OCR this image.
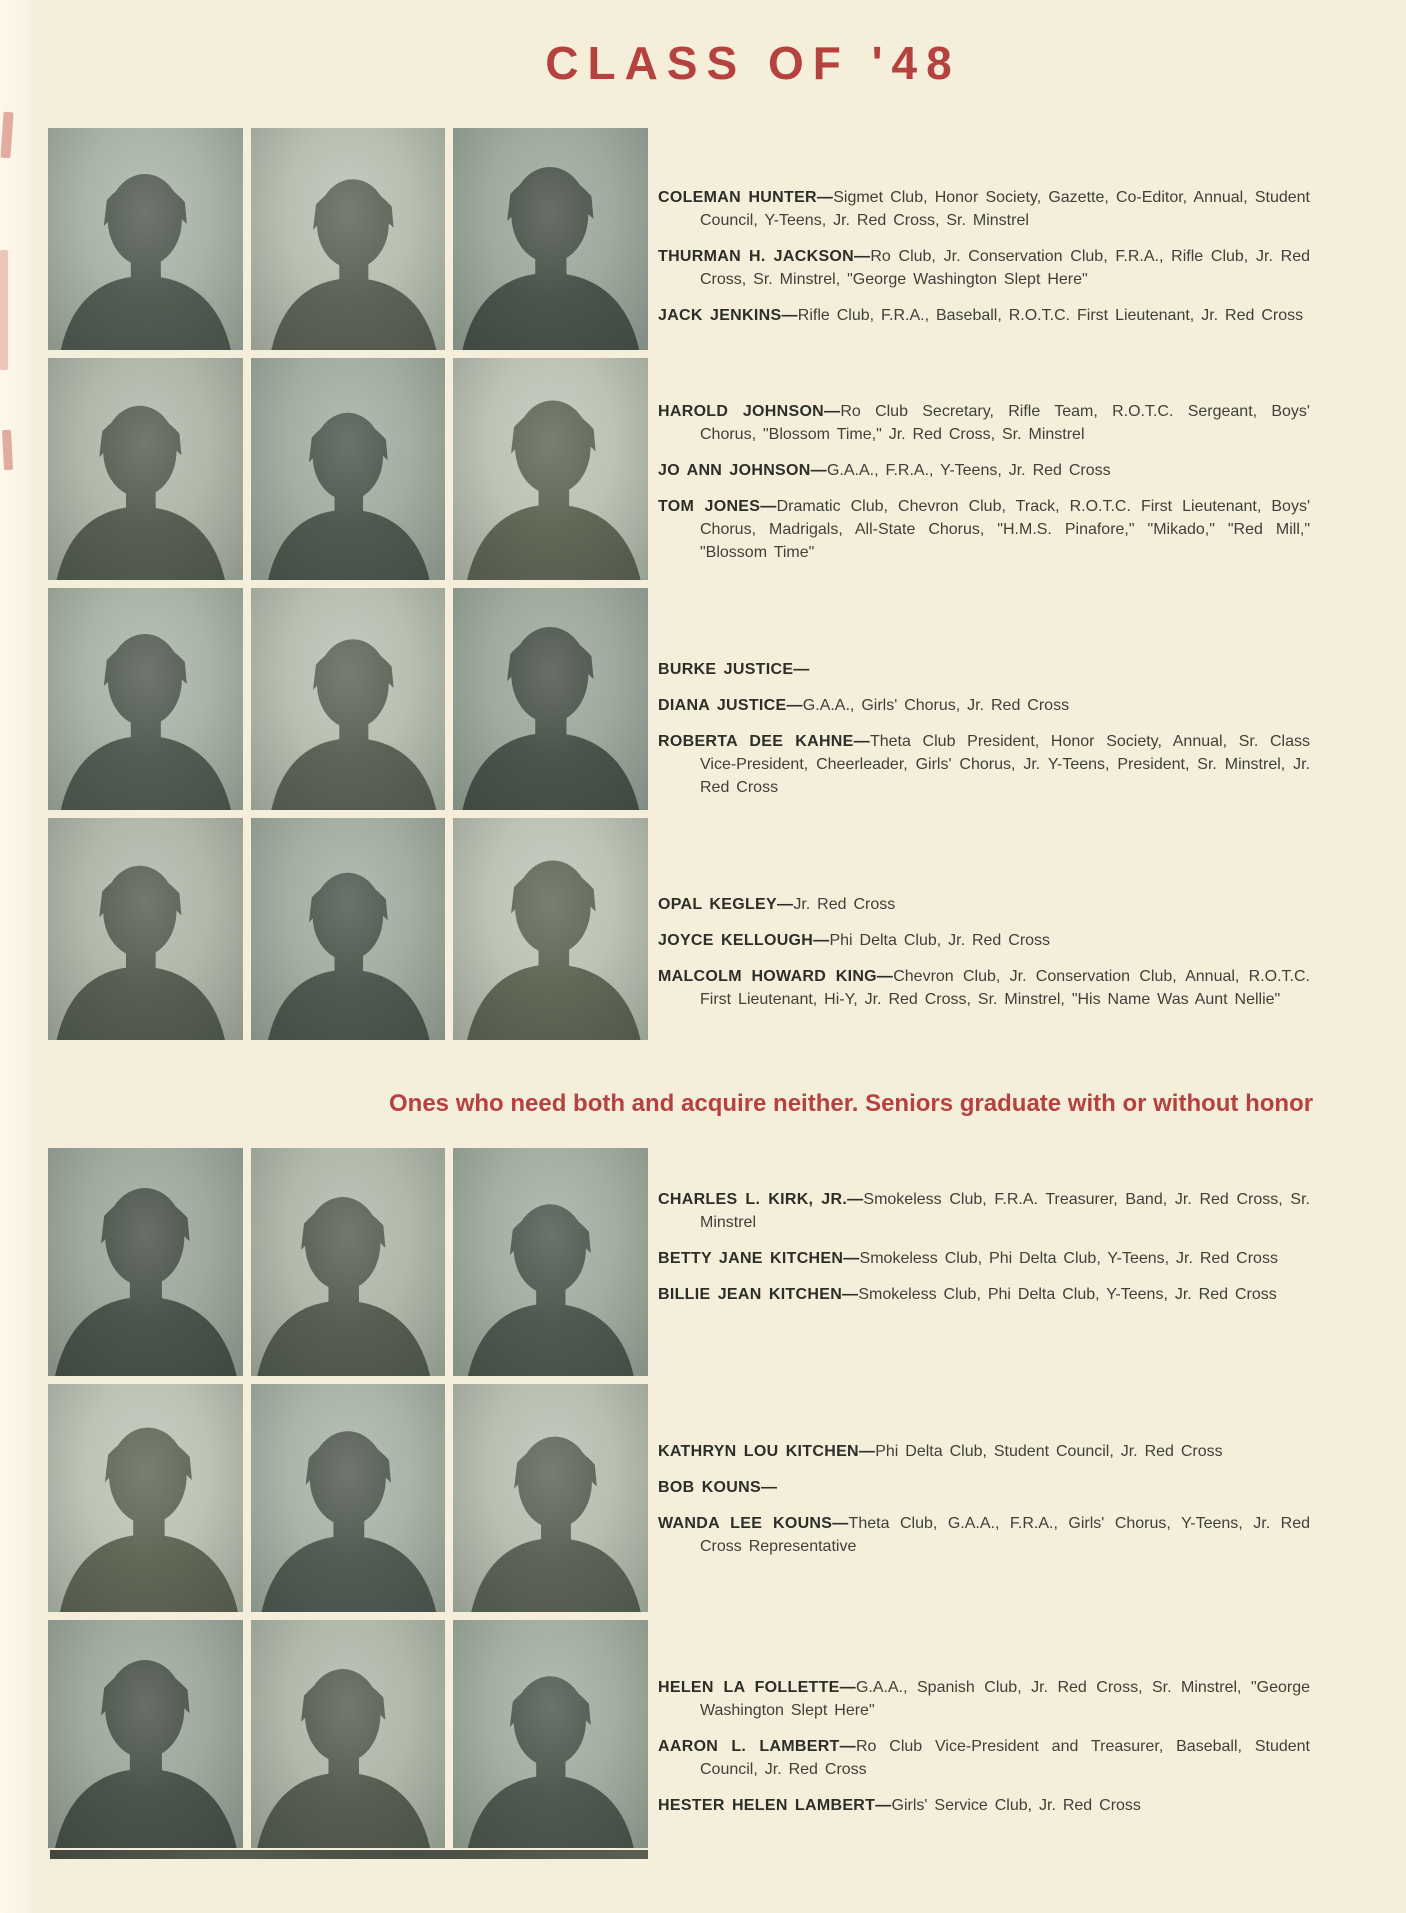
CLASS OF '48
Ones who need both and acquire neither. Seniors graduate with or without honor

COLEMAN HUNTER—Sigmet Club, Honor Society, Gazette, Co-Editor, Annual, Student Council, Y-Teens, Jr. Red Cross, Sr. Minstrel

THURMAN H. JACKSON—Ro Club, Jr. Conservation Club, F.R.A., Rifle Club, Jr. Red Cross, Sr. Minstrel, "George Washington Slept Here"

JACK JENKINS—Rifle Club, F.R.A., Baseball, R.O.T.C. First Lieutenant, Jr. Red Cross

HAROLD JOHNSON—Ro Club Secretary, Rifle Team, R.O.T.C. Sergeant, Boys' Chorus, "Blossom Time," Jr. Red Cross, Sr. Minstrel

JO ANN JOHNSON—G.A.A., F.R.A., Y-Teens, Jr. Red Cross

TOM JONES—Dramatic Club, Chevron Club, Track, R.O.T.C. First Lieutenant, Boys' Chorus, Madrigals, All-State Chorus, "H.M.S. Pinafore," "Mikado," "Red Mill," "Blossom Time"

BURKE JUSTICE—

DIANA JUSTICE—G.A.A., Girls' Chorus, Jr. Red Cross

ROBERTA DEE KAHNE—Theta Club President, Honor Society, Annual, Sr. Class Vice-President, Cheerleader, Girls' Chorus, Jr. Y-Teens, President, Sr. Minstrel, Jr. Red Cross

OPAL KEGLEY—Jr. Red Cross

JOYCE KELLOUGH—Phi Delta Club, Jr. Red Cross

MALCOLM HOWARD KING—Chevron Club, Jr. Conservation Club, Annual, R.O.T.C. First Lieutenant, Hi-Y, Jr. Red Cross, Sr. Minstrel, "His Name Was Aunt Nellie"

CHARLES L. KIRK, JR.—Smokeless Club, F.R.A. Treasurer, Band, Jr. Red Cross, Sr. Minstrel

BETTY JANE KITCHEN—Smokeless Club, Phi Delta Club, Y-Teens, Jr. Red Cross

BILLIE JEAN KITCHEN—Smokeless Club, Phi Delta Club, Y-Teens, Jr. Red Cross

KATHRYN LOU KITCHEN—Phi Delta Club, Student Council, Jr. Red Cross

BOB KOUNS—

WANDA LEE KOUNS—Theta Club, G.A.A., F.R.A., Girls' Chorus, Y-Teens, Jr. Red Cross Representative

HELEN LA FOLLETTE—G.A.A., Spanish Club, Jr. Red Cross, Sr. Minstrel, "George Washington Slept Here"

AARON L. LAMBERT—Ro Club Vice-President and Treasurer, Baseball, Student Council, Jr. Red Cross

HESTER HELEN LAMBERT—Girls' Service Club, Jr. Red Cross
